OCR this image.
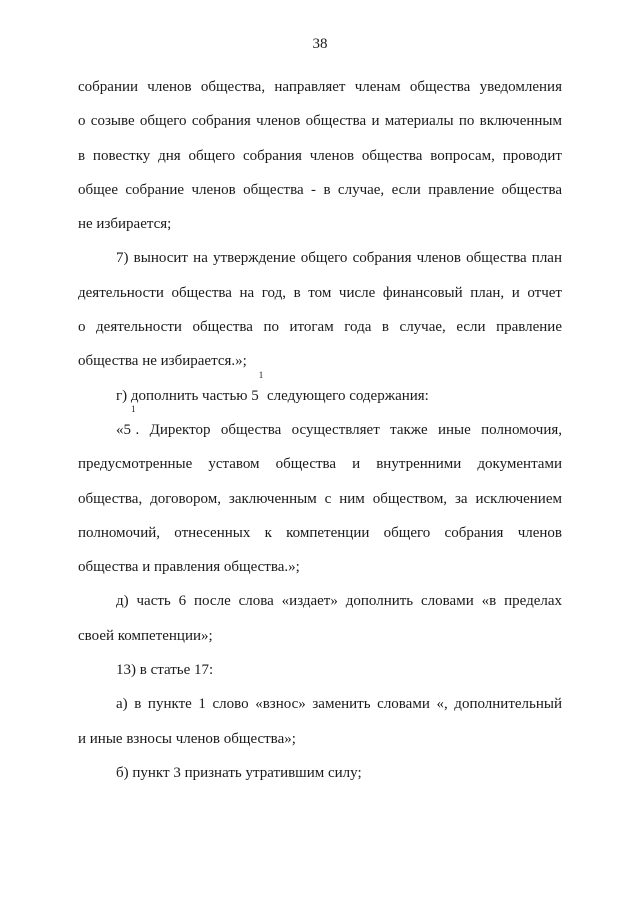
38
собрании членов общества, направляет членам общества уведомления
о созыве общего собрания членов общества и материалы по включенным
в повестку дня общего собрания членов общества вопросам, проводит
общее собрание членов общества - в случае, если правление общества
не избирается;
7) выносит на утверждение общего собрания членов общества план
деятельности общества на год, в том числе финансовый план, и отчет
о деятельности общества по итогам года в случае, если правление
общества не избирается.»;
г) дополнить частью $5^1$ следующего содержания:
«$5^1$. Директор общества осуществляет также иные полномочия,
предусмотренные уставом общества и внутренними документами
общества, договором, заключенным с ним обществом, за исключением
полномочий, отнесенных к компетенции общего собрания членов
общества и правления общества.»;
д) часть 6 после слова «издает» дополнить словами «в пределах
своей компетенции»;
13) в статье 17:
а) в пункте 1 слово «взнос» заменить словами «, дополнительный
и иные взносы членов общества»;
б) пункт 3 признать утратившим силу;
